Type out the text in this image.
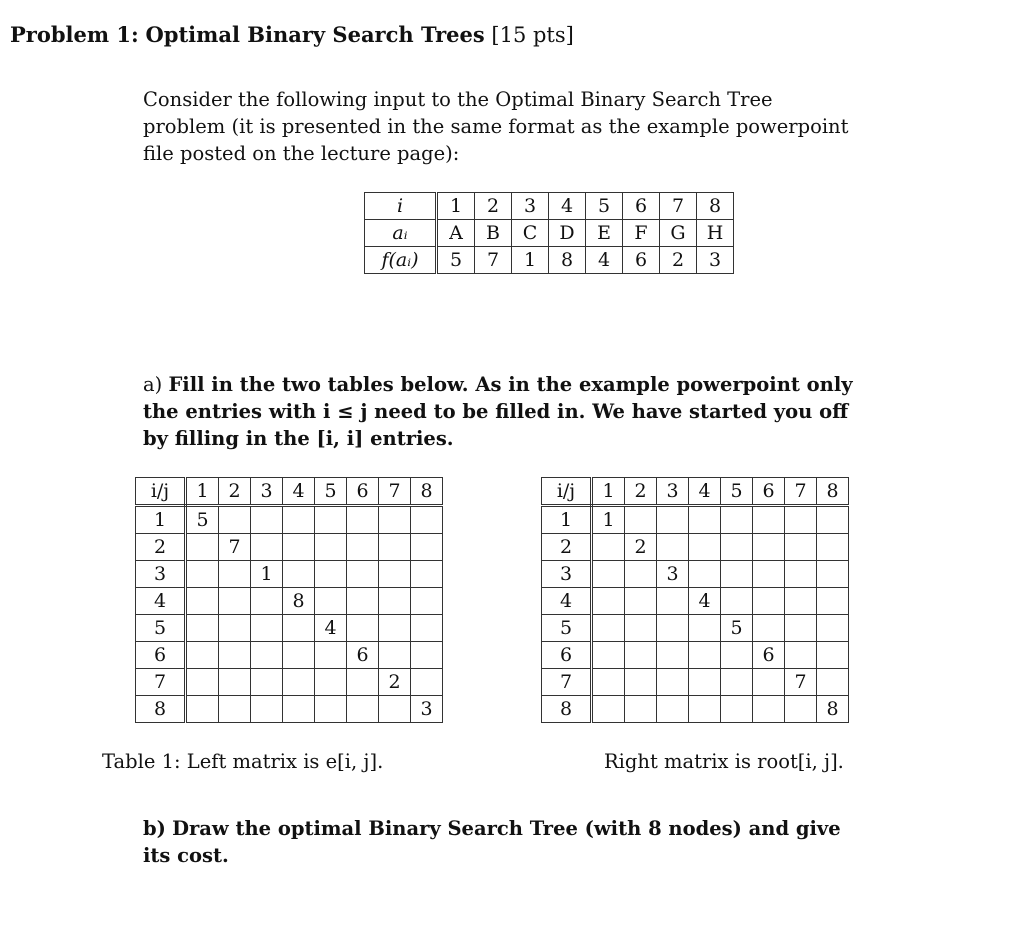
Problem 1: Optimal Binary Search Trees [15 pts]
Consider the following input to the Optimal Binary Search Tree problem (it is presented in the same format as the example powerpoint file posted on the lecture page):
i	1	2	3	4	5	6	7	8
aᵢ	A	B	C	D	E	F	G	H
f(aᵢ)	5	7	1	8	4	6	2	3
a) Fill in the two tables below. As in the example powerpoint only the entries with i ≤ j need to be filled in. We have started you off by filling in the [i, i] entries.
i/j	1	2	3	4	5	6	7	8
1	5							
2		7						
3			1					
4				8				
5					4			
6						6		
7							2	
8								3
i/j	1	2	3	4	5	6	7	8
1	1							
2		2						
3			3					
4				4				
5					5			
6						6		
7							7	
8								8
Table 1: Left matrix is e[i, j].	Right matrix is root[i, j].
b) Draw the optimal Binary Search Tree (with 8 nodes) and give its cost.
